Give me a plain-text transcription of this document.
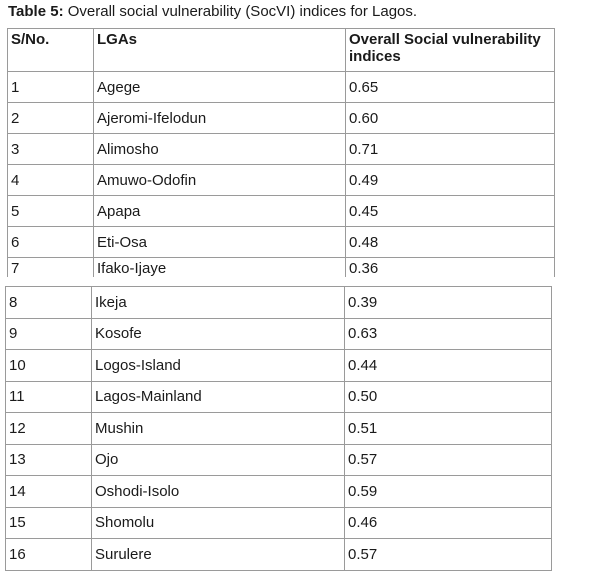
Table 5: Overall social vulnerability (SocVI) indices for Lagos.
S/No.	LGAs	Overall Social vulnerability
indices
1	Agege	0.65
2	Ajeromi-Ifelodun	0.60
3	Alimosho	0.71
4	Amuwo-Odofin	0.49
5	Apapa	0.45
6	Eti-Osa	0.48
7	Ifako-Ijaye	0.36
8	Ikeja	0.39
9	Kosofe	0.63
10	Logos-Island	0.44
11	Lagos-Mainland	0.50
12	Mushin	0.51
13	Ojo	0.57
14	Oshodi-Isolo	0.59
15	Shomolu	0.46
16	Surulere	0.57
